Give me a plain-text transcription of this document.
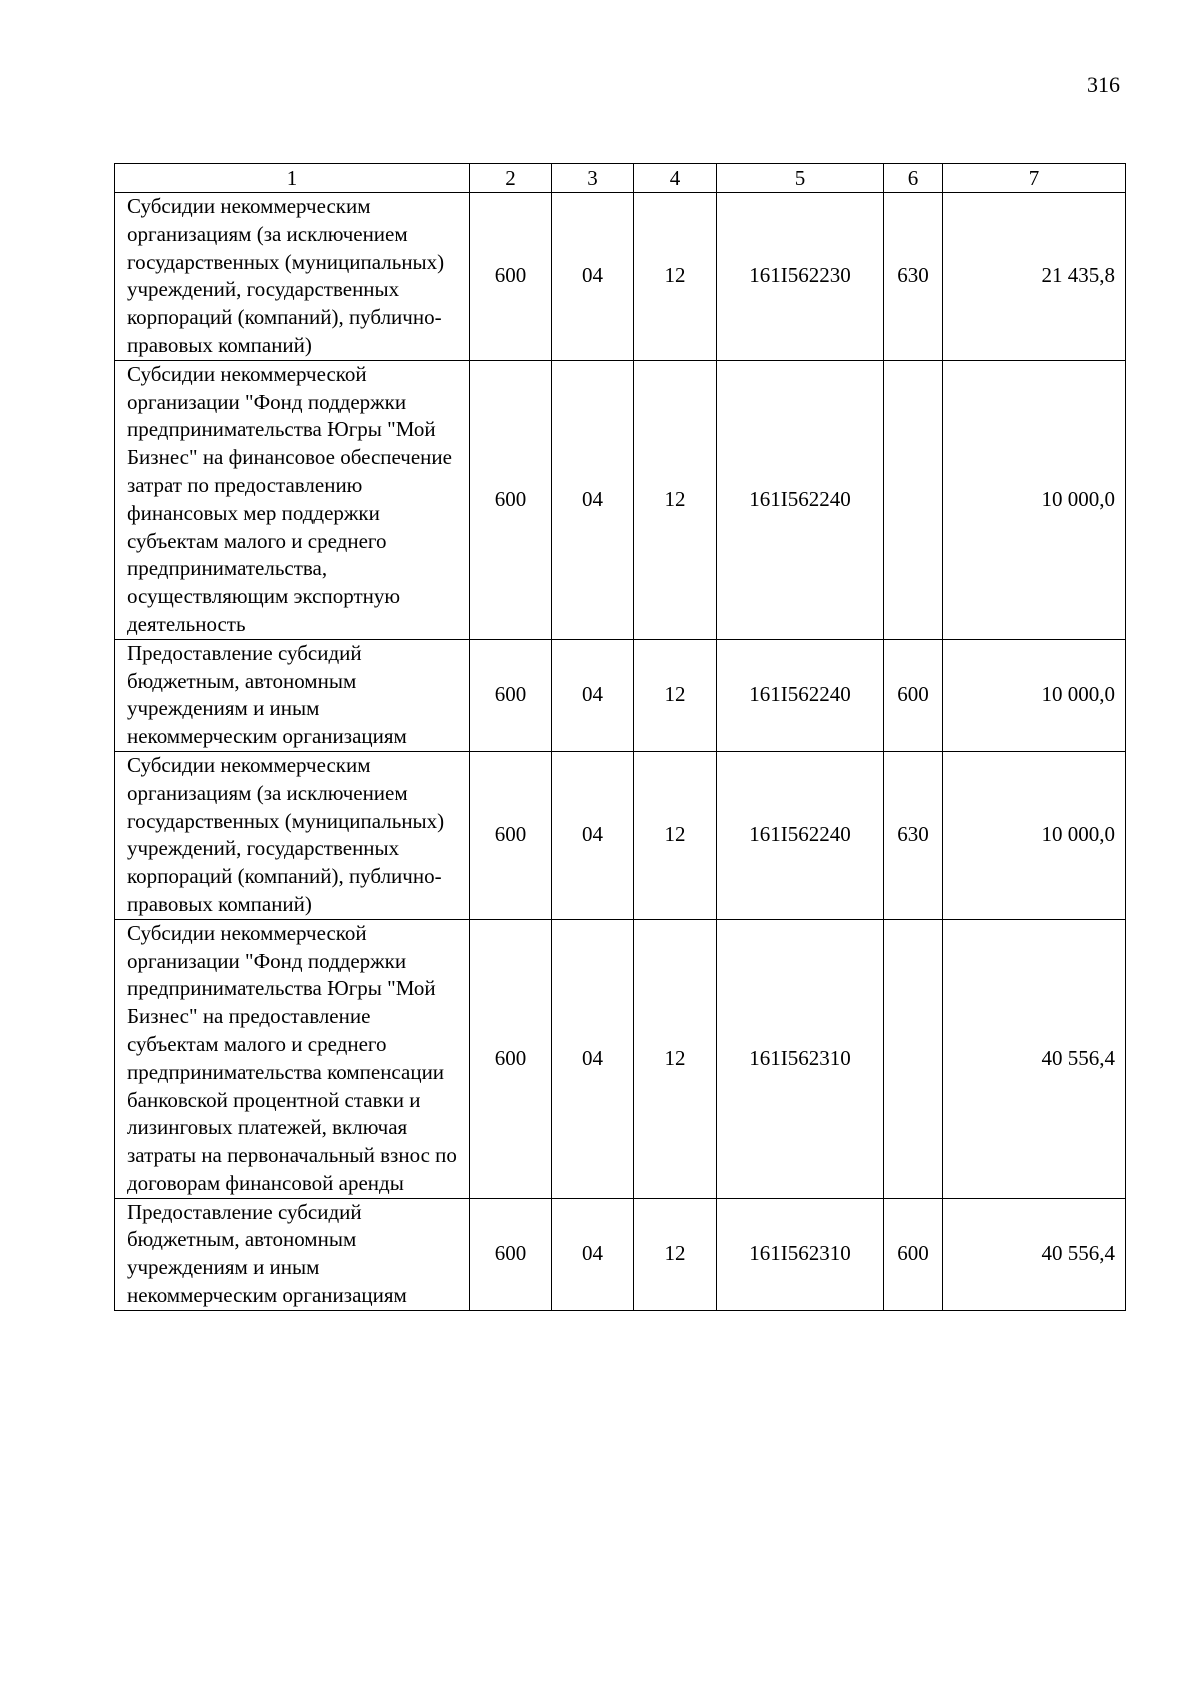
316
1	2	3	4	5	6	7
Субсидии некоммерческим организациям (за исключением государственных (муниципальных) учреждений, государственных корпораций (компаний), публично-правовых компаний)	600	04	12	161I562230	630	21 435,8
Субсидии некоммерческой организации "Фонд поддержки предпринимательства Югры "Мой Бизнес" на финансовое обеспечение затрат по предоставлению финансовых мер поддержки субъектам малого и среднего предпринимательства, осуществляющим экспортную деятельность	600	04	12	161I562240		10 000,0
Предоставление субсидий бюджетным, автономным учреждениям и иным некоммерческим организациям	600	04	12	161I562240	600	10 000,0
Субсидии некоммерческим организациям (за исключением государственных (муниципальных) учреждений, государственных корпораций (компаний), публично-правовых компаний)	600	04	12	161I562240	630	10 000,0
Субсидии некоммерческой организации "Фонд поддержки предпринимательства Югры "Мой Бизнес" на предоставление субъектам малого и среднего предпринимательства компенсации банковской процентной ставки и лизинговых платежей, включая затраты на первоначальный взнос по договорам финансовой аренды	600	04	12	161I562310		40 556,4
Предоставление субсидий бюджетным, автономным учреждениям и иным некоммерческим организациям	600	04	12	161I562310	600	40 556,4
